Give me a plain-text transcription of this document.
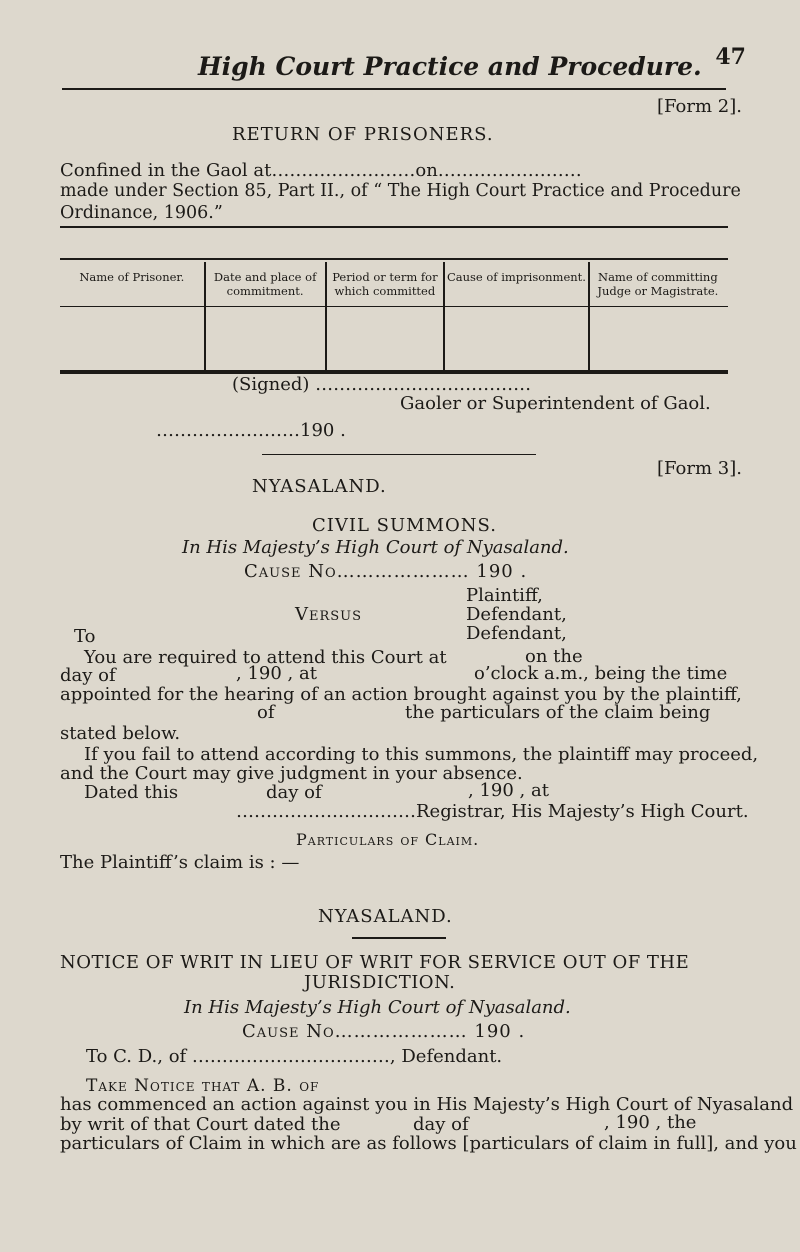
High Court Practice and Procedure. 47
[Form 2].
RETURN OF PRISONERS.
Confined in the Gaol at……………………on……………………
made under Section 85, Part II., of “ The High Court Practice and Procedure
Ordinance, 1906.”
Name of Prisoner.	Date and place of commitment.	Period or term for which committed	Cause of imprisonment.	Name of committing Judge or Magistrate.

(Signed) ………………………………
Gaoler or Superintendent of Gaol.
……………………190 .
[Form 3].
NYASALAND.
CIVIL SUMMONS.
In His Majesty’s High Court of Nyasaland.
Cause No………………… 190 .
Plaintiff,
Versus	Defendant,
To	Defendant,
You are required to attend this Court at	on the
day of	, 190 , at	o’clock a.m., being the time
appointed for the hearing of an action brought against you by the plaintiff,
of	the particulars of the claim being
stated below.
If you fail to attend according to this summons, the plaintiff may proceed,
and the Court may give judgment in your absence.
Dated this	day of	, 190 , at
…………………………Registrar, His Majesty’s High Court.
Particulars of Claim.
The Plaintiff’s claim is : —
NYASALAND.
NOTICE OF WRIT IN LIEU OF WRIT FOR SERVICE OUT OF THE
JURISDICTION.
In His Majesty’s High Court of Nyasaland.
Cause No………………… 190 .
To C. D., of ……………………………, Defendant.
Take Notice that A. B. of
has commenced an action against you in His Majesty’s High Court of Nyasaland
by writ of that Court dated the	day of	, 190 , the
particulars of Claim in which are as follows [particulars of claim in full], and you
